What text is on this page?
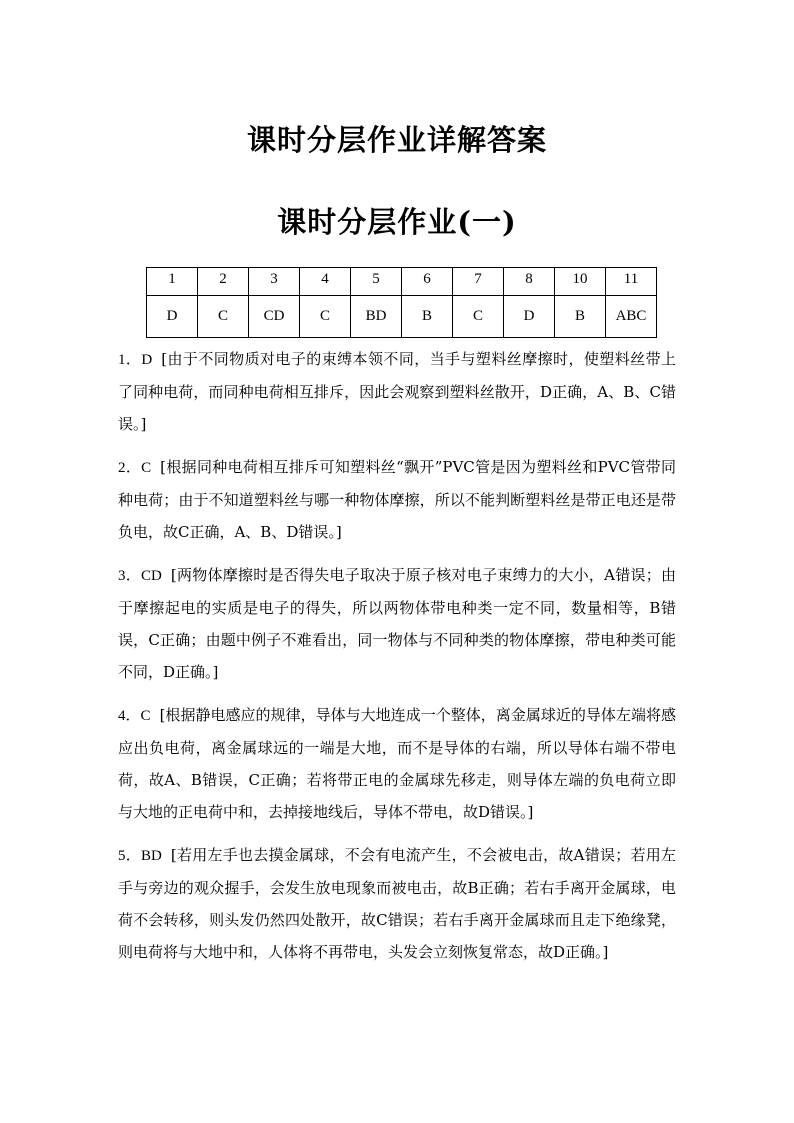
课时分层作业详解答案
课时分层作业(一)
1	2	3	4	5	6	7	8	10	11
D	C	CD	C	BD	B	C	D	B	ABC

1．D [由于不同物质对电子的束缚本领不同，当手与塑料丝摩擦时，使塑料丝带上了同种电荷，而同种电荷相互排斥，因此会观察到塑料丝散开，D正确，A、B、C错误。]

2．C [根据同种电荷相互排斥可知塑料丝“飘开”PVC管是因为塑料丝和PVC管带同种电荷；由于不知道塑料丝与哪一种物体摩擦，所以不能判断塑料丝是带正电还是带负电，故C正确，A、B、D错误。]

3．CD [两物体摩擦时是否得失电子取决于原子核对电子束缚力的大小，A错误；由于摩擦起电的实质是电子的得失，所以两物体带电种类一定不同，数量相等，B错误，C正确；由题中例子不难看出，同一物体与不同种类的物体摩擦，带电种类可能不同，D正确。]

4．C [根据静电感应的规律，导体与大地连成一个整体，离金属球近的导体左端将感应出负电荷，离金属球远的一端是大地，而不是导体的右端，所以导体右端不带电荷，故A、B错误，C正确；若将带正电的金属球先移走，则导体左端的负电荷立即与大地的正电荷中和，去掉接地线后，导体不带电，故D错误。]

5．BD [若用左手也去摸金属球，不会有电流产生，不会被电击，故A错误；若用左手与旁边的观众握手，会发生放电现象而被电击，故B正确；若右手离开金属球，电荷不会转移，则头发仍然四处散开，故C错误；若右手离开金属球而且走下绝缘凳，则电荷将与大地中和，人体将不再带电，头发会立刻恢复常态，故D正确。]
